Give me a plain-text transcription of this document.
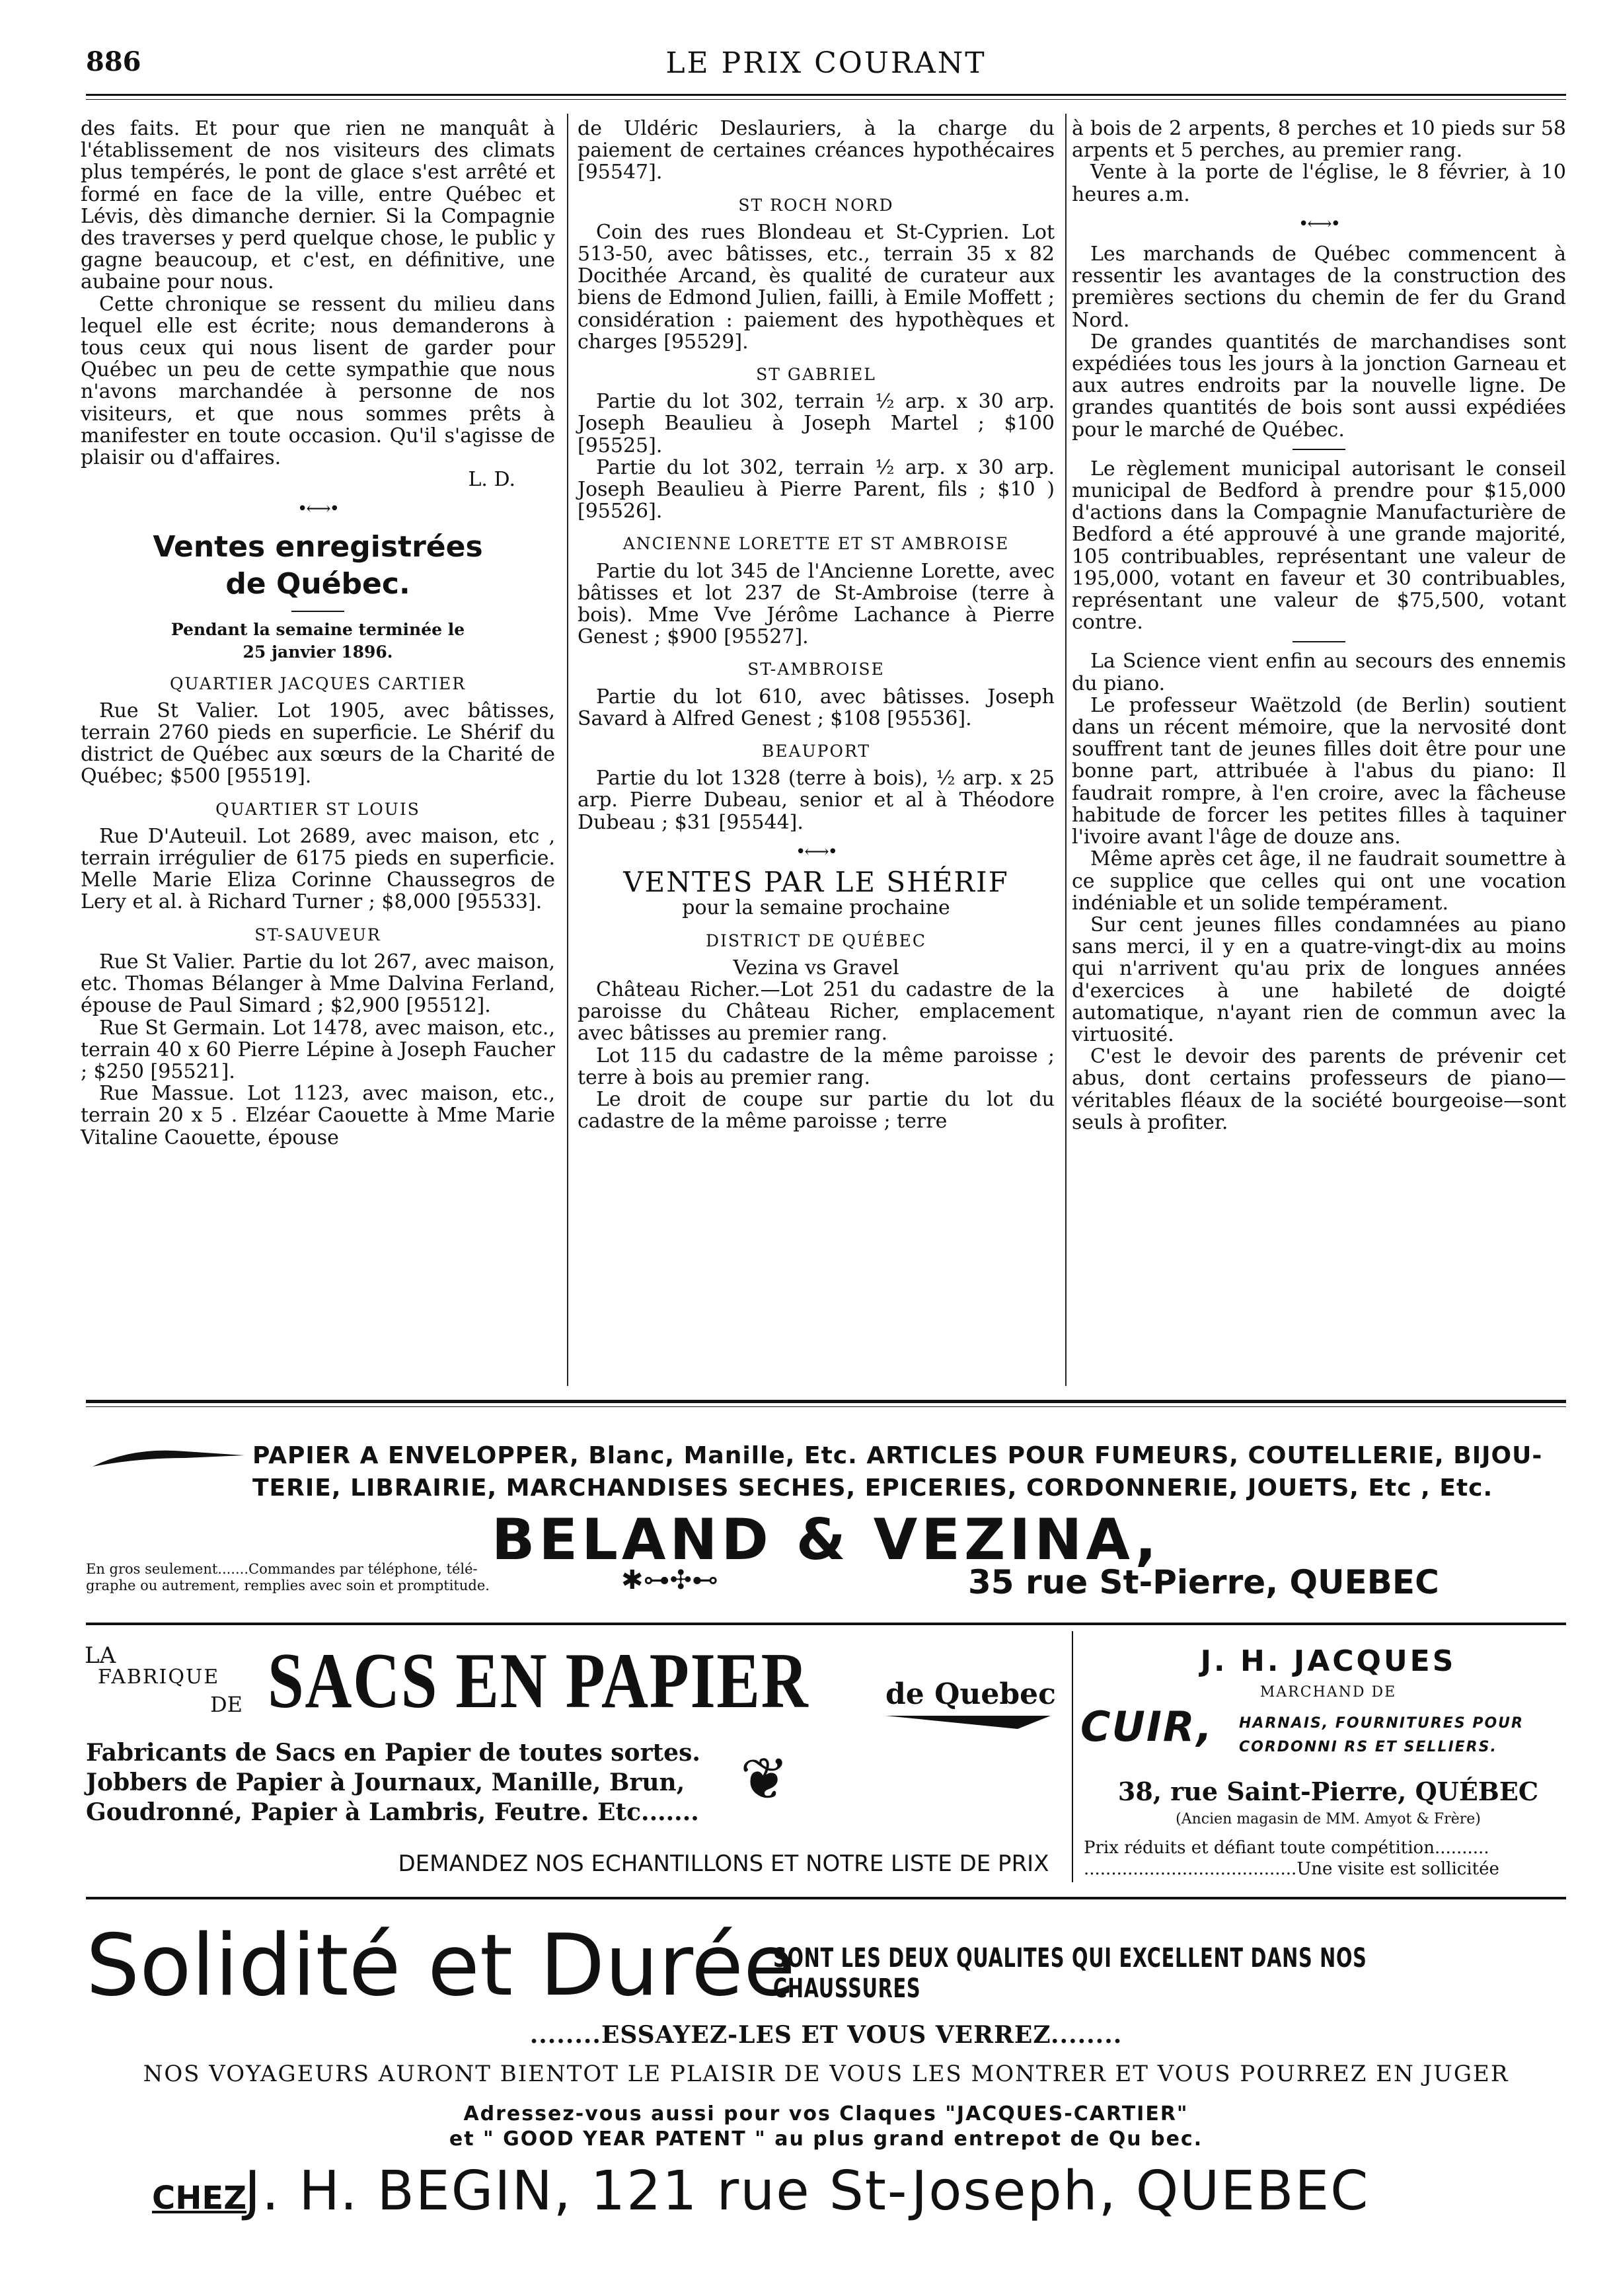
886	LE PRIX COURANT

des faits. Et pour que rien ne manquât à l'établissement de nos visiteurs des climats plus tempérés, le pont de glace s'est arrêté et formé en face de la ville, entre Québec et Lévis, dès dimanche dernier. Si la Compagnie des traverses y perd quelque chose, le public y gagne beaucoup, et c'est, en définitive, une aubaine pour nous.

Cette chronique se ressent du milieu dans lequel elle est écrite; nous demanderons à tous ceux qui nous lisent de garder pour Québec un peu de cette sympathie que nous n'avons marchandée à personne de nos visiteurs, et que nous sommes prêts à manifester en toute occasion. Qu'il s'agisse de plaisir ou d'affaires.

L. D.

•⟷•
Ventes enregistrées
de Québec.
Pendant la semaine terminée le
25 janvier 1896.
QUARTIER JACQUES CARTIER

Rue St Valier. Lot 1905, avec bâtisses, terrain 2760 pieds en superficie. Le Shérif du district de Québec aux sœurs de la Charité de Québec; $500 [95519].

QUARTIER ST LOUIS

Rue D'Auteuil. Lot 2689, avec maison, etc , terrain irrégulier de 6175 pieds en superficie. Melle Marie Eliza Corinne Chaussegros de Lery et al. à Richard Turner ; $8,000 [95533].

ST-SAUVEUR

Rue St Valier. Partie du lot 267, avec maison, etc. Thomas Bélanger à Mme Dalvina Ferland, épouse de Paul Simard ; $2,900 [95512].

Rue St Germain. Lot 1478, avec maison, etc., terrain 40 x 60 Pierre Lépine à Joseph Faucher ; $250 [95521].

Rue Massue. Lot 1123, avec maison, etc., terrain 20 x 5 . Elzéar Caouette à Mme Marie Vitaline Caouette, épouse

de Uldéric Deslauriers, à la charge du paiement de certaines créances hypothécaires [95547].

ST ROCH NORD

Coin des rues Blondeau et St-Cyprien. Lot 513-50, avec bâtisses, etc., terrain 35 x 82 Docithée Arcand, ès qualité de curateur aux biens de Edmond Julien, failli, à Emile Moffett ; considération : paiement des hypothèques et charges [95529].

ST GABRIEL

Partie du lot 302, terrain ½ arp. x 30 arp. Joseph Beaulieu à Joseph Martel ; $100 [95525].

Partie du lot 302, terrain ½ arp. x 30 arp. Joseph Beaulieu à Pierre Parent, fils ; $10 ) [95526].

ANCIENNE LORETTE ET ST AMBROISE

Partie du lot 345 de l'Ancienne Lorette, avec bâtisses et lot 237 de St-Ambroise (terre à bois). Mme Vve Jérôme Lachance à Pierre Genest ; $900 [95527].

ST-AMBROISE

Partie du lot 610, avec bâtisses. Joseph Savard à Alfred Genest ; $108 [95536].

BEAUPORT

Partie du lot 1328 (terre à bois), ½ arp. x 25 arp. Pierre Dubeau, senior et al à Théodore Dubeau ; $31 [95544].

•⟷•
VENTES PAR LE SHÉRIF

pour la semaine prochaine

DISTRICT DE QUÉBEC

Vezina vs Gravel

Château Richer.—Lot 251 du cadastre de la paroisse du Château Richer, emplacement avec bâtisses au premier rang.

Lot 115 du cadastre de la même paroisse ; terre à bois au premier rang.

Le droit de coupe sur partie du lot du cadastre de la même paroisse ; terre

à bois de 2 arpents, 8 perches et 10 pieds sur 58 arpents et 5 perches, au premier rang.

Vente à la porte de l'église, le 8 février, à 10 heures a.m.

•⟷•

Les marchands de Québec commencent à ressentir les avantages de la construction des premières sections du chemin de fer du Grand Nord.

De grandes quantités de marchandises sont expédiées tous les jours à la jonction Garneau et aux autres endroits par la nouvelle ligne. De grandes quantités de bois sont aussi expédiées pour le marché de Québec.

Le règlement municipal autorisant le conseil municipal de Bedford à prendre pour $15,000 d'actions dans la Compagnie Manufacturière de Bedford a été approuvé à une grande majorité, 105 contribuables, représentant une valeur de 195,000, votant en faveur et 30 contribuables, représentant une valeur de $75,500, votant contre.

La Science vient enfin au secours des ennemis du piano.

Le professeur Waëtzold (de Berlin) soutient dans un récent mémoire, que la nervosité dont souffrent tant de jeunes filles doit être pour une bonne part, attribuée à l'abus du piano: Il faudrait rompre, à l'en croire, avec la fâcheuse habitude de forcer les petites filles à taquiner l'ivoire avant l'âge de douze ans.

Même après cet âge, il ne faudrait soumettre à ce supplice que celles qui ont une vocation indéniable et un solide tempérament.

Sur cent jeunes filles condamnées au piano sans merci, il y en a quatre-vingt-dix au moins qui n'arrivent qu'au prix de longues années d'exercices à une habileté de doigté automatique, n'ayant rien de commun avec la virtuosité.

C'est le devoir des parents de prévenir cet abus, dont certains professeurs de piano—véritables fléaux de la société bourgeoise—sont seuls à profiter.

PAPIER A ENVELOPPER, Blanc, Manille, Etc. ARTICLES POUR FUMEURS, COUTELLERIE, BIJOU-
TERIE, LIBRAIRIE, MARCHANDISES SECHES, EPICERIES, CORDONNERIE, JOUETS, Etc , Etc.
BELAND & VEZINA,
En gros seulement.......Commandes par téléphone, télé-
graphe ou autrement, remplies avec soin et promptitude.	✱⊶✣⊷	35 rue St-Pierre, QUEBEC
LA
FABRIQUE
DE SACS EN PAPIER	de Quebec
Fabricants de Sacs en Papier de toutes sortes.
Jobbers de Papier à Journaux, Manille, Brun,
Goudronné, Papier à Lambris, Feutre. Etc....... ❦
DEMANDEZ NOS ECHANTILLONS ET NOTRE LISTE DE PRIX
J. H. JACQUES
MARCHAND DE
CUIR, HARNAIS, FOURNITURES POUR
CORDONNI RS ET SELLIERS.
38, rue Saint-Pierre, QUÉBEC
(Ancien magasin de MM. Amyot & Frère)
Prix réduits et défiant toute compétition..........
.......................................Une visite est sollicitée
Solidité et Durée
SONT LES DEUX QUALITES QUI EXCELLENT DANS NOS CHAUSSURES
........ESSAYEZ-LES ET VOUS VERREZ........
NOS VOYAGEURS AURONT BIENTOT LE PLAISIR DE VOUS LES MONTRER ET VOUS POURREZ EN JUGER
Adressez-vous aussi pour vos Claques "JACQUES-CARTIER"
et " GOOD YEAR PATENT " au plus grand entrepot de Qu bec.
CHEZ
J. H. BEGIN, 121 rue St-Joseph, QUEBEC
